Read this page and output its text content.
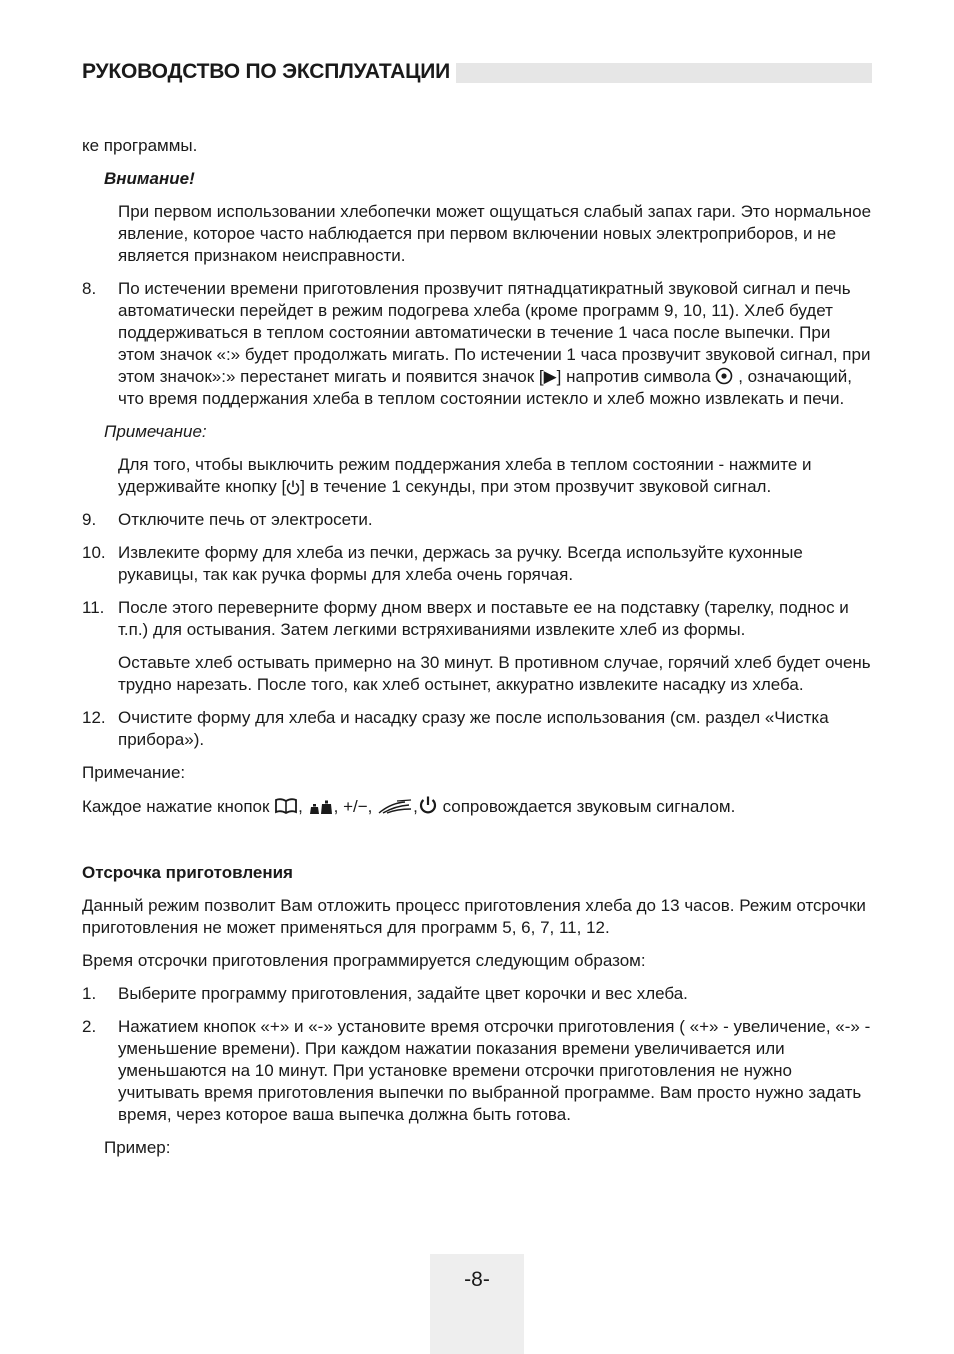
РУКОВОДСТВО ПО ЭКСПЛУАТАЦИИ

ке программы.

Внимание!

При первом использовании хлебопечки может ощущаться слабый запах гари. Это нормальное явление, которое часто наблюдается при первом включении новых электроприборов, и не является признаком неисправности.

8. По истечении времени приготовления прозвучит пятнадцатикратный звуковой сигнал и печь автоматически перейдет в режим подогрева хлеба (кроме программ 9, 10, 11). Хлеб будет поддерживаться в теплом состоянии автоматически в течение 1 часа после выпечки. При этом значок «:» будет продолжать мигать. По истечении 1 часа прозвучит звуковой сигнал, при этом значок»:» перестанет мигать и появится значок [▶] напротив символа , означающий, что время поддержания хлеба в теплом состоянии истекло и хлеб можно извлекать и печи.

Примечание:

Для того, чтобы выключить режим поддержания хлеба в теплом состоянии - нажмите и удерживайте кнопку [ ] в течение 1 секунды, при этом прозвучит звуковой сигнал.
9. Отключите печь от электросети.
10. Извлеките форму для хлеба из печки, держась за ручку. Всегда используйте кухонные рукавицы, так как ручка формы для хлеба очень горячая.
11. После этого переверните форму дном вверх и поставьте ее на подставку (тарелку, поднос и т.п.) для остывания. Затем легкими встряхиваниями извлеките хлеб из формы.

Оставьте хлеб остывать примерно на 30 минут. В противном случае, горячий хлеб будет очень трудно нарезать. После того, как хлеб остынет, аккуратно извлеките насадку из хлеба.

12. Очистите форму для хлеба и насадку сразу же после использования (см. раздел «Чистка прибора»).

Примечание:

Каждое нажатие кнопок , , +/−, , сопровождается звуковым сигналом.

Отсрочка приготовления

Данный режим позволит Вам отложить процесс приготовления хлеба до 13 часов. Режим отсрочки приготовления не может применяться для программ 5, 6, 7, 11, 12.

Время отсрочки приготовления программируется следующим образом:

1. Выберите программу приготовления, задайте цвет корочки и вес хлеба.
2. Нажатием кнопок «+» и «-» установите время отсрочки приготовления ( «+» - увеличение, «-» - уменьшение времени). При каждом нажатии показания времени увеличивается или уменьшаются на 10 минут. При установке времени отсрочки приготовления не нужно учитывать время приготовления выпечки по выбранной программе. Вам просто нужно задать время, через которое ваша выпечка должна быть готова.

Пример:

-8-
